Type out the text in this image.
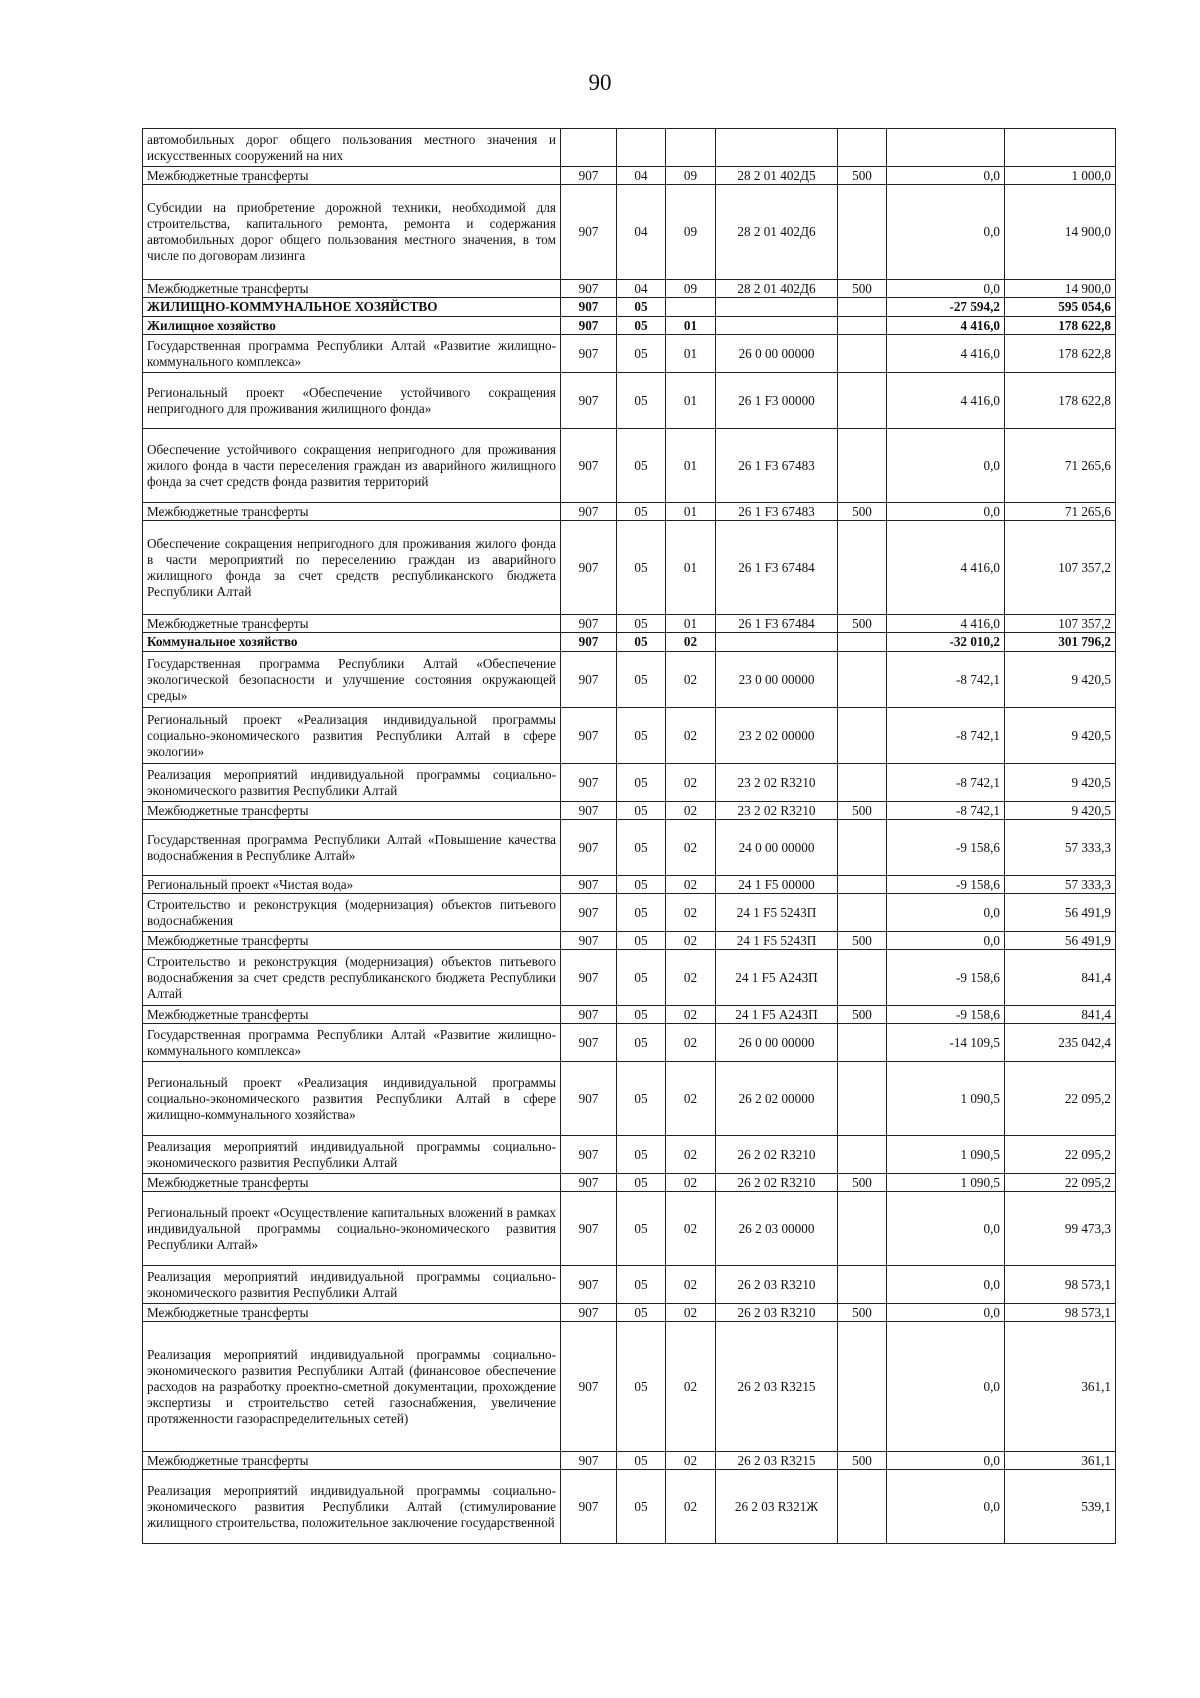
90
автомобильных дорог общего пользования местного значения и искусственных сооружений на них							
Межбюджетные трансферты	907	04	09	28 2 01 402Д5	500	0,0	1 000,0
Субсидии на приобретение дорожной техники, необходимой для строительства, капитального ремонта, ремонта и содержания автомобильных дорог общего пользования местного значения, в том числе по договорам лизинга	907	04	09	28 2 01 402Д6		0,0	14 900,0
Межбюджетные трансферты	907	04	09	28 2 01 402Д6	500	0,0	14 900,0
ЖИЛИЩНО-КОММУНАЛЬНОЕ ХОЗЯЙСТВО	907	05				-27 594,2	595 054,6
Жилищное хозяйство	907	05	01			4 416,0	178 622,8
Государственная программа Республики Алтай «Развитие жилищно-коммунального комплекса»	907	05	01	26 0 00 00000		4 416,0	178 622,8
Региональный проект «Обеспечение устойчивого сокращения непригодного для проживания жилищного фонда»	907	05	01	26 1 F3 00000		4 416,0	178 622,8
Обеспечение устойчивого сокращения непригодного для проживания жилого фонда в части переселения граждан из аварийного жилищного фонда за счет средств фонда развития территорий	907	05	01	26 1 F3 67483		0,0	71 265,6
Межбюджетные трансферты	907	05	01	26 1 F3 67483	500	0,0	71 265,6
Обеспечение сокращения непригодного для проживания жилого фонда в части мероприятий по переселению граждан из аварийного жилищного фонда за счет средств республиканского бюджета Республики Алтай	907	05	01	26 1 F3 67484		4 416,0	107 357,2
Межбюджетные трансферты	907	05	01	26 1 F3 67484	500	4 416,0	107 357,2
Коммунальное хозяйство	907	05	02			-32 010,2	301 796,2
Государственная программа Республики Алтай «Обеспечение экологической безопасности и улучшение состояния окружающей среды»	907	05	02	23 0 00 00000		-8 742,1	9 420,5
Региональный проект «Реализация индивидуальной программы социально-экономического развития Республики Алтай в сфере экологии»	907	05	02	23 2 02 00000		-8 742,1	9 420,5
Реализация мероприятий индивидуальной программы социально-экономического развития Республики Алтай	907	05	02	23 2 02 R3210		-8 742,1	9 420,5
Межбюджетные трансферты	907	05	02	23 2 02 R3210	500	-8 742,1	9 420,5
Государственная программа Республики Алтай «Повышение качества водоснабжения в Республике Алтай»	907	05	02	24 0 00 00000		-9 158,6	57 333,3
Региональный проект «Чистая вода»	907	05	02	24 1 F5 00000		-9 158,6	57 333,3
Строительство и реконструкция (модернизация) объектов питьевого водоснабжения	907	05	02	24 1 F5 5243П		0,0	56 491,9
Межбюджетные трансферты	907	05	02	24 1 F5 5243П	500	0,0	56 491,9
Строительство и реконструкция (модернизация) объектов питьевого водоснабжения за счет средств республиканского бюджета Республики Алтай	907	05	02	24 1 F5 А243П		-9 158,6	841,4
Межбюджетные трансферты	907	05	02	24 1 F5 А243П	500	-9 158,6	841,4
Государственная программа Республики Алтай «Развитие жилищно-коммунального комплекса»	907	05	02	26 0 00 00000		-14 109,5	235 042,4
Региональный проект «Реализация индивидуальной программы социально-экономического развития Республики Алтай в сфере жилищно-коммунального хозяйства»	907	05	02	26 2 02 00000		1 090,5	22 095,2
Реализация мероприятий индивидуальной программы социально-экономического развития Республики Алтай	907	05	02	26 2 02 R3210		1 090,5	22 095,2
Межбюджетные трансферты	907	05	02	26 2 02 R3210	500	1 090,5	22 095,2
Региональный проект «Осуществление капитальных вложений в рамках индивидуальной программы социально-экономического развития Республики Алтай»	907	05	02	26 2 03 00000		0,0	99 473,3
Реализация мероприятий индивидуальной программы социально-экономического развития Республики Алтай	907	05	02	26 2 03 R3210		0,0	98 573,1
Межбюджетные трансферты	907	05	02	26 2 03 R3210	500	0,0	98 573,1
Реализация мероприятий индивидуальной программы социально-экономического развития Республики Алтай (финансовое обеспечение расходов на разработку проектно-сметной документации, прохождение экспертизы и строительство сетей газоснабжения, увеличение протяженности газораспределительных сетей)	907	05	02	26 2 03 R3215		0,0	361,1
Межбюджетные трансферты	907	05	02	26 2 03 R3215	500	0,0	361,1
Реализация мероприятий индивидуальной программы социально-экономического развития Республики Алтай (стимулирование жилищного строительства, положительное заключение государственной	907	05	02	26 2 03 R321Ж		0,0	539,1
